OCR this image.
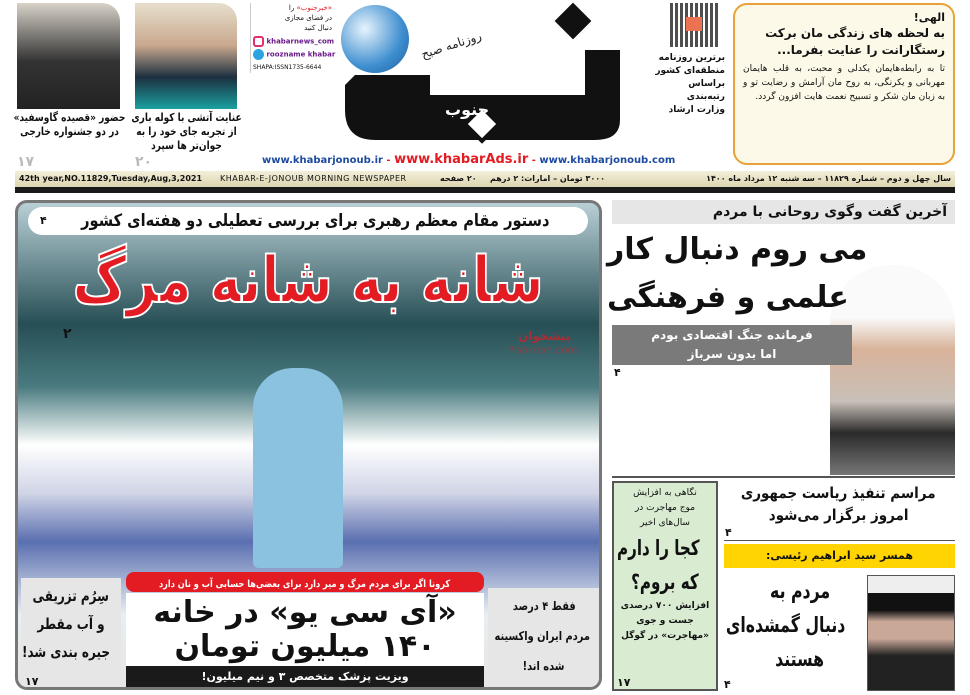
حضور «قصیده گاوسفید» در دو جشنواره خارجی
۱۷
عنایت آتشی با کوله باری از تجربه جای خود را به جوان‌تر ها سپرد
۲۰
«خبرجنوب» را
در فضای مجازی
دنبال کنید
khabarnews_com
roozname khabar
SHAPA:ISSN1735-6644
روزنامه صبح
جنوب
برترین روزنامه
منطقه‌ای کشور
براساس
رتبه‌بندی
وزارت ارشاد
الهی!
به لحظه های زندگی مان برکت
رستگارانت را عنایت بفرما...
تا به رابطه‌هایمان یکدلی و محبت، به قلب هایمان مهربانی و یکرنگی، به روح مان آرامش و رضایت تو و به زبان مان شکر و تسبیح نعمت هایت افزون گردد.
www.khabarjonoub.ir - www.khabarAds.ir - www.khabarjonoub.com
42th year,NO.11829,Tuesday,Aug,3,2021 KHABAR-E-JONOUB MORNING NEWSPAPER	۲۰ صفحه ۳۰۰۰ تومان – امارات: ۲ درهم	سال چهل و دوم – شماره ۱۱۸۲۹ – سه شنبه ۱۲ مرداد ماه ۱۴۰۰
دستور مقام معظم رهبری برای بررسی تعطیلی دو هفته‌ای کشور
۴
شانه به شانه مرگ
۲	پیشخوان
Pishkhan.com
سِرُم تزریقی
و آب مقطر
جیره بندی شد!
۱۷
کرونا اگر برای مردم مرگ و میر دارد برای بعضی‌ها حسابی آب و نان دارد
«آی سی یو» در خانه ۱۴۰ میلیون تومان
ویزیت پزشک متخصص ۳ و نیم میلیون!
فقط ۴ درصد
مردم ایران واکسینه
شده اند!
آخرین گفت وگوی روحانی با مردم
می روم دنبال کار
علمی و فرهنگی
فرمانده جنگ اقتصادی بودم
اما بدون سرباز
۴
نگاهی به افزایش
موج مهاجرت در
سال‌های اخیر
کجا را دارم
که بروم؟
افزایش ۷۰۰ درصدی
جست و جوی
«مهاجرت» در گوگل
۱۷
مراسم تنفیذ ریاست جمهوری
امروز برگزار می‌شود
۴
همسر سید ابراهیم رئیسی:
مردم به
دنبال گمشده‌ای
هستند
۴
